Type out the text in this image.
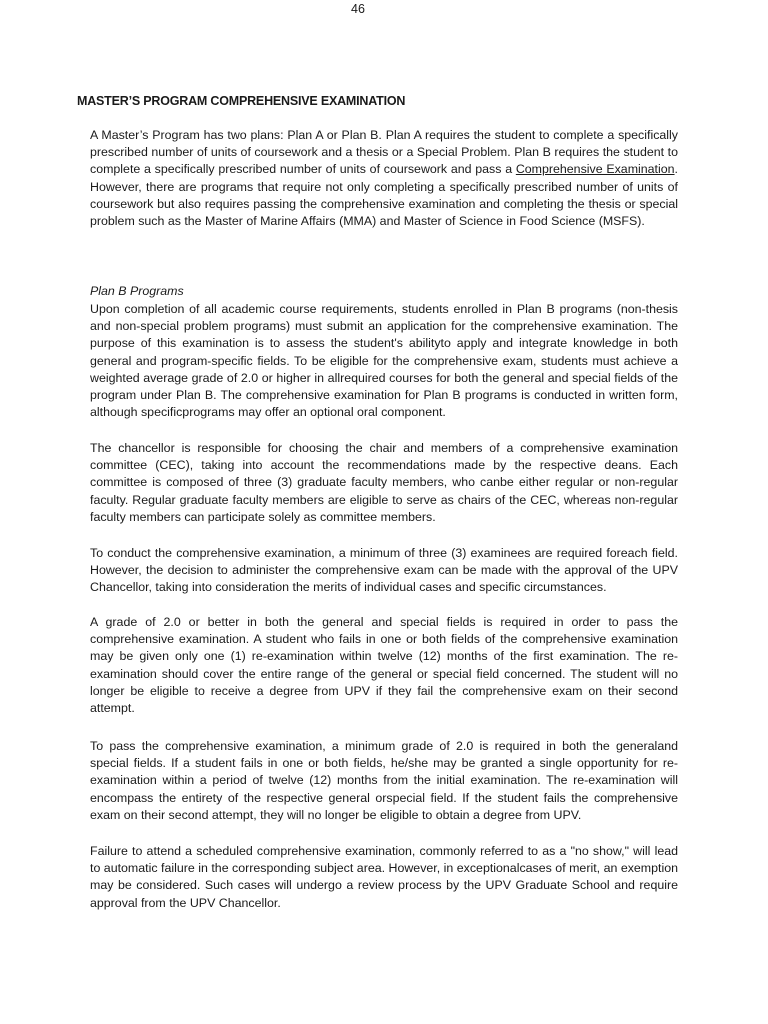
46
MASTER’S PROGRAM COMPREHENSIVE EXAMINATION

A Master’s Program has two plans: Plan A or Plan B. Plan A requires the student to complete a specifically prescribed number of units of coursework and a thesis or a Special Problem. Plan B requires the student to complete a specifically prescribed number of units of coursework and pass a Comprehensive Examination. However, there are programs that require not only completing a specifically prescribed number of units of coursework but also requires passing the comprehensive examination and completing the thesis or special problem such as the Master of Marine Affairs (MMA) and Master of Science in Food Science (MSFS).

Plan B Programs

Upon completion of all academic course requirements, students enrolled in Plan B programs (non-thesis and non-special problem programs) must submit an application for the comprehensive examination. The purpose of this examination is to assess the student's abilityto apply and integrate knowledge in both general and program-specific fields. To be eligible for the comprehensive exam, students must achieve a weighted average grade of 2.0 or higher in allrequired courses for both the general and special fields of the program under Plan B. The comprehensive examination for Plan B programs is conducted in written form, although specificprograms may offer an optional oral component.

The chancellor is responsible for choosing the chair and members of a comprehensive examination committee (CEC), taking into account the recommendations made by the respective deans. Each committee is composed of three (3) graduate faculty members, who canbe either regular or non-regular faculty. Regular graduate faculty members are eligible to serve as chairs of the CEC, whereas non-regular faculty members can participate solely as committee members.

To conduct the comprehensive examination, a minimum of three (3) examinees are required foreach field. However, the decision to administer the comprehensive exam can be made with the approval of the UPV Chancellor, taking into consideration the merits of individual cases and specific circumstances.

A grade of 2.0 or better in both the general and special fields is required in order to pass the comprehensive examination. A student who fails in one or both fields of the comprehensive examination may be given only one (1) re-examination within twelve (12) months of the first examination. The re-examination should cover the entire range of the general or special field concerned. The student will no longer be eligible to receive a degree from UPV if they fail the comprehensive exam on their second attempt.

To pass the comprehensive examination, a minimum grade of 2.0 is required in both the generaland special fields. If a student fails in one or both fields, he/she may be granted a single opportunity for re-examination within a period of twelve (12) months from the initial examination. The re-examination will encompass the entirety of the respective general orspecial field. If the student fails the comprehensive exam on their second attempt, they will no longer be eligible to obtain a degree from UPV.

Failure to attend a scheduled comprehensive examination, commonly referred to as a "no show," will lead to automatic failure in the corresponding subject area. However, in exceptionalcases of merit, an exemption may be considered. Such cases will undergo a review process by the UPV Graduate School and require approval from the UPV Chancellor.
